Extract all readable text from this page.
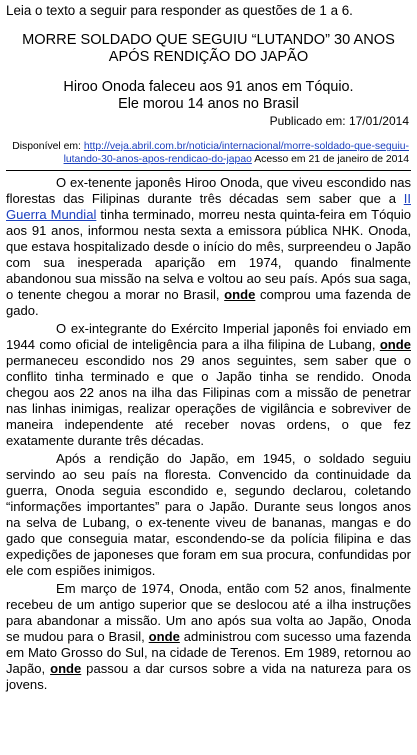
Leia o texto a seguir para responder as questões de 1 a 6.

MORRE SOLDADO QUE SEGUIU “LUTANDO” 30 ANOS
APÓS RENDIÇÃO DO JAPÃO
Hiroo Onoda faleceu aos 91 anos em Tóquio.
Ele morou 14 anos no Brasil
Publicado em: 17/01/2014
Disponível em: http://veja.abril.com.br/noticia/internacional/morre-soldado-que-seguiu-lutando-30-anos-apos-rendicao-do-japao Acesso em 21 de janeiro de 2014

O ex-tenente japonês Hiroo Onoda, que viveu escondido nas florestas das Filipinas durante três décadas sem saber que a II Guerra Mundial tinha terminado, morreu nesta quinta-feira em Tóquio aos 91 anos, informou nesta sexta a emissora pública NHK. Onoda, que estava hospitalizado desde o início do mês, surpreendeu o Japão com sua inesperada aparição em 1974, quando finalmente abandonou sua missão na selva e voltou ao seu país. Após sua saga, o tenente chegou a morar no Brasil, onde comprou uma fazenda de gado.

O ex-integrante do Exército Imperial japonês foi enviado em 1944 como oficial de inteligência para a ilha filipina de Lubang, onde permaneceu escondido nos 29 anos seguintes, sem saber que o conflito tinha terminado e que o Japão tinha se rendido. Onoda chegou aos 22 anos na ilha das Filipinas com a missão de penetrar nas linhas inimigas, realizar operações de vigilância e sobreviver de maneira independente até receber novas ordens, o que fez exatamente durante três décadas.

Após a rendição do Japão, em 1945, o soldado seguiu servindo ao seu país na floresta. Convencido da continuidade da guerra, Onoda seguia escondido e, segundo declarou, coletando “informações importantes” para o Japão. Durante seus longos anos na selva de Lubang, o ex-tenente viveu de bananas, mangas e do gado que conseguia matar, escondendo-se da polícia filipina e das expedições de japoneses que foram em sua procura, confundidas por ele com espiões inimigos.

Em março de 1974, Onoda, então com 52 anos, finalmente recebeu de um antigo superior que se deslocou até a ilha instruções para abandonar a missão. Um ano após sua volta ao Japão, Onoda se mudou para o Brasil, onde administrou com sucesso uma fazenda em Mato Grosso do Sul, na cidade de Terenos. Em 1989, retornou ao Japão, onde passou a dar cursos sobre a vida na natureza para os jovens.
